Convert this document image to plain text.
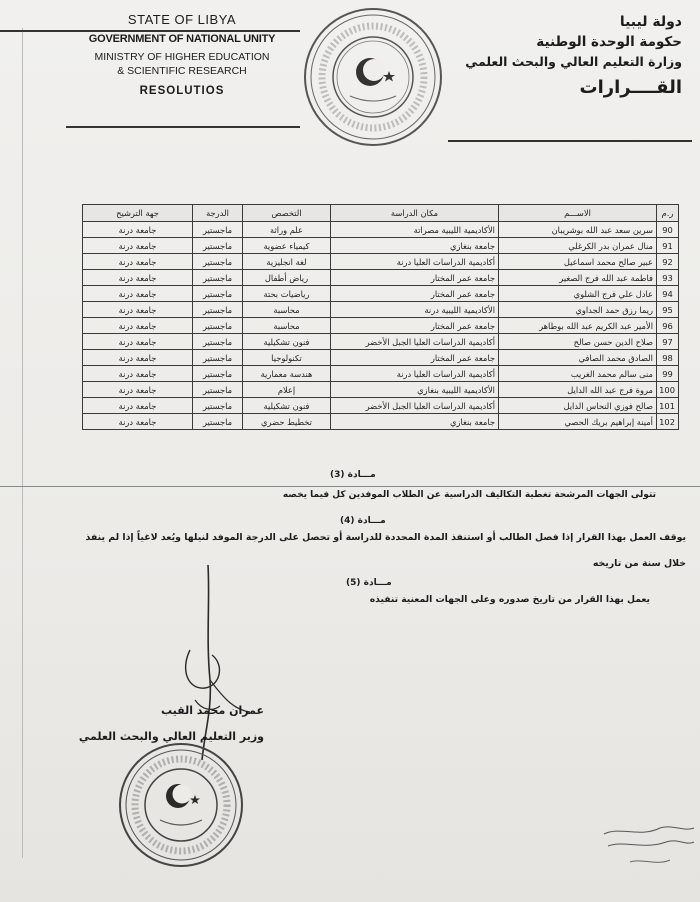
STATE OF LIBYA
GOVERNMENT OF NATIONAL UNITY
MINISTRY OF HIGHER EDUCATION
& SCIENTIFIC RESEARCH
RESOLUTIOS
دولة ليبيا
حكومة الوحدة الوطنية
وزارة التعليم العالي والبحث العلمي
القــــرارات
ر.م	الاســـم	مكان الدراسة	التخصص	الدرجة	جهة الترشيح
90	سرين سعد عبد الله بوشريبان	الأكاديمية الليبية مصراتة	علم وراثة	ماجستير	جامعة درنة
91	منال عمران بدر الكرغلي	جامعة بنغازي	كيمياء عضوية	ماجستير	جامعة درنة
92	عبير صالح محمد اسماعيل	أكاديمية الدراسات العليا درنة	لغة انجليزية	ماجستير	جامعة درنة
93	فاطمة عبد الله فرج الصغير	جامعة عمر المختار	رياض أطفال	ماجستير	جامعة درنة
94	عادل علي فرج الشلوي	جامعة عمر المختار	رياضيات بحتة	ماجستير	جامعة درنة
95	ريما رزق حمد الجداوي	الأكاديمية الليبية درنة	محاسبة	ماجستير	جامعة درنة
96	الأمير عبد الكريم عبد الله بوطاهر	جامعة عمر المختار	محاسبة	ماجستير	جامعة درنة
97	صلاح الدين حسن صالح	أكاديمية الدراسات العليا الجبل الأخضر	فنون تشكيلية	ماجستير	جامعة درنة
98	الصادق محمد الصافي	جامعة عمر المختار	تكنولوجيا	ماجستير	جامعة درنة
99	منى سالم محمد الغريب	أكاديمية الدراسات العليا درنة	هندسة معمارية	ماجستير	جامعة درنة
100	مروة فرج عبد الله الدايل	الأكاديمية الليبية بنغازي	إعلام	ماجستير	جامعة درنة
101	صالح فوزي النحاس الدايل	أكاديمية الدراسات العليا الجبل الأخضر	فنون تشكيلية	ماجستير	جامعة درنة
102	أمينة إبراهيم بريك الحصي	جامعة بنغازي	تخطيط حضري	ماجستير	جامعة درنة
مـــادة (3)
تتولى الجهات المرشحة تغطية التكاليف الدراسية عن الطلاب الموفدين كل فيما يخصه
مـــادة (4)
يوقف العمل بهذا القرار إذا فصل الطالب أو استنفذ المدة المحددة للدراسة أو تحصل على الدرجة الموفد لنيلها ويُعد لاغياً إذا لم ينفذ
خلال سنة من تاريخه
مـــادة (5)
يعمل بهذا القرار من تاريخ صدوره وعلى الجهات المعنية تنفيذه
عمران محمد القيب
وزير التعليم العالي والبحث العلمي
